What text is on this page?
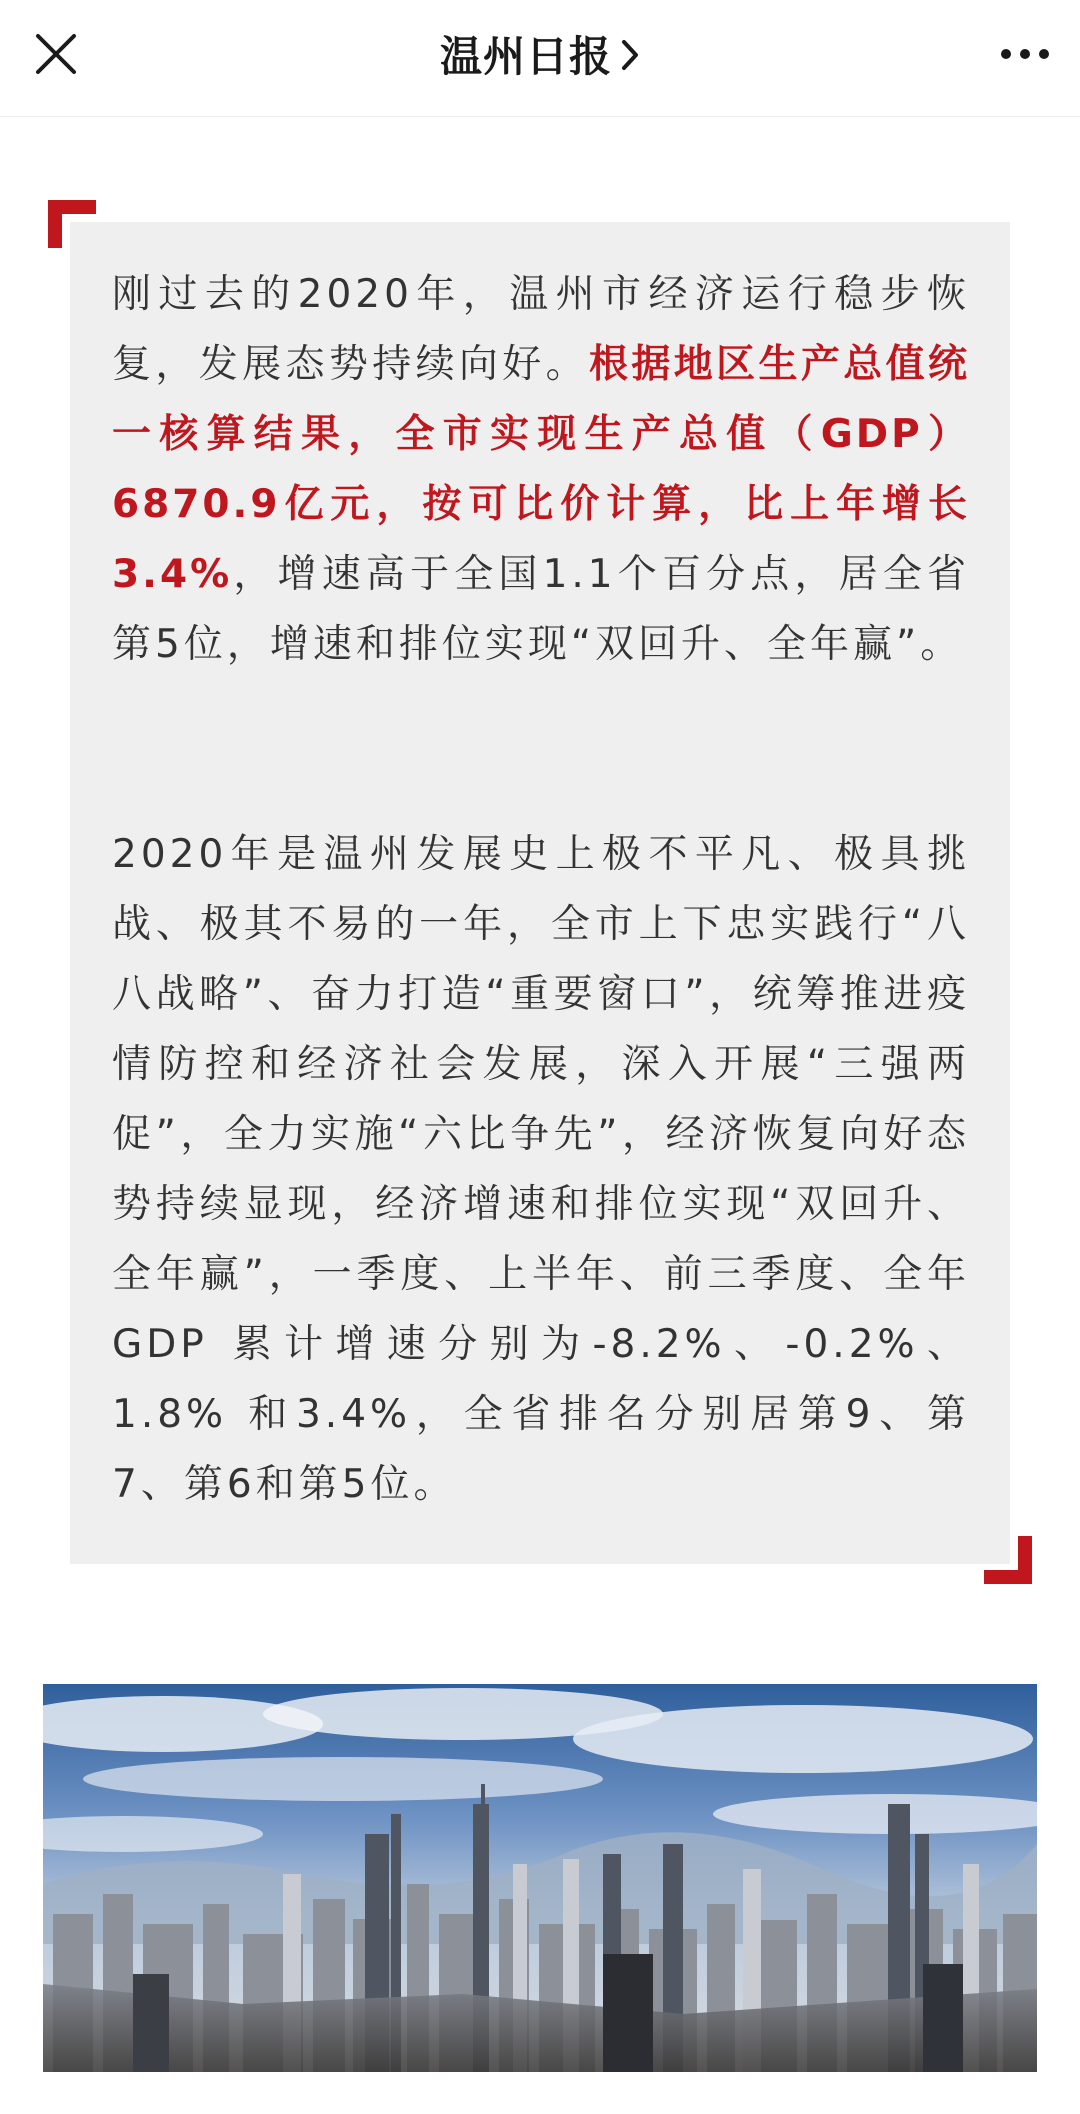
温州日报

刚过去的2020年，温州市经济运行稳步恢复，发展态势持续向好。根据地区生产总值统一核算结果，全市实现生产总值（GDP）6870.9亿元，按可比价计算，比上年增长3.4%，增速高于全国1.1个百分点，居全省第5位，增速和排位实现“双回升、全年赢”。

2020年是温州发展史上极不平凡、极具挑战、极其不易的一年，全市上下忠实践行“八八战略”、奋力打造“重要窗口”，统筹推进疫情防控和经济社会发展，深入开展“三强两促”，全力实施“六比争先”，经济恢复向好态势持续显现，经济增速和排位实现“双回升、全年赢”，一季度、上半年、前三季度、全年GDP 累计增速分别为-8.2%、-0.2%、1.8% 和3.4%，全省排名分别居第9、第7、第6和第5位。
